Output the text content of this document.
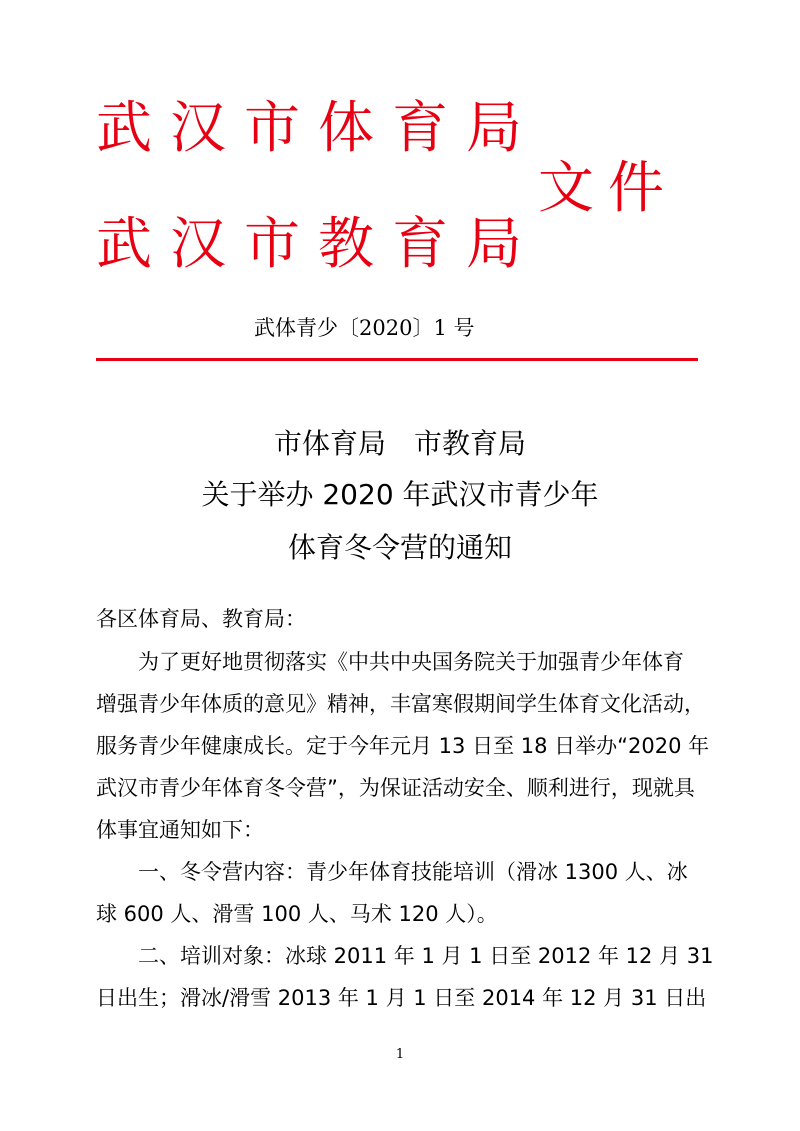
武汉市体育局
文件
武汉市教育局
武体青少〔2020〕1 号
市体育局　市教育局
关于举办 2020 年武汉市青少年
体育冬令营的通知
各区体育局、教育局：
　　为了更好地贯彻落实《中共中央国务院关于加强青少年体育
增强青少年体质的意见》精神，丰富寒假期间学生体育文化活动，
服务青少年健康成长。定于今年元月 13 日至 18 日举办“2020 年
武汉市青少年体育冬令营”，为保证活动安全、顺利进行，现就具
体事宜通知如下：
　　一、冬令营内容：青少年体育技能培训（滑冰 1300 人、冰
球 600 人、滑雪 100 人、马术 120 人）。
　　二、培训对象：冰球 2011 年 1 月 1 日至 2012 年 12 月 31
日出生；滑冰/滑雪 2013 年 1 月 1 日至 2014 年 12 月 31 日出
1
